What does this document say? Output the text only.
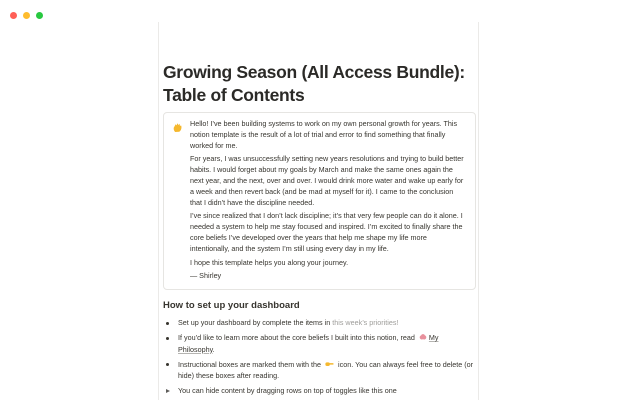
Growing Season (All Access Bundle): Table of Contents

Hello! I’ve been building systems to work on my own personal growth for years. This notion template is the result of a lot of trial and error to find something that finally worked for me.

For years, I was unsuccessfully setting new years resolutions and trying to build better habits. I would forget about my goals by March and make the same ones again the next year, and the next, over and over. I would drink more water and wake up early for a week and then revert back (and be mad at myself for it). I came to the conclusion that I didn’t have the discipline needed.

I’ve since realized that I don’t lack discipline; it’s that very few people can do it alone. I needed a system to help me stay focused and inspired. I’m excited to finally share the core beliefs I’ve developed over the years that help me shape my life more intentionally, and the system I’m still using every day in my life.

I hope this template helps you along your journey.

— Shirley

How to set up your dashboard
Set up your dashboard by complete the items in this week’s priorities!
If you’d like to learn more about the core beliefs I built into this notion, read My Philosophy.
Instructional boxes are marked them with the  icon. You can always feel free to delete (or hide) these boxes after reading.
You can hide content by dragging rows on top of toggles like this one
